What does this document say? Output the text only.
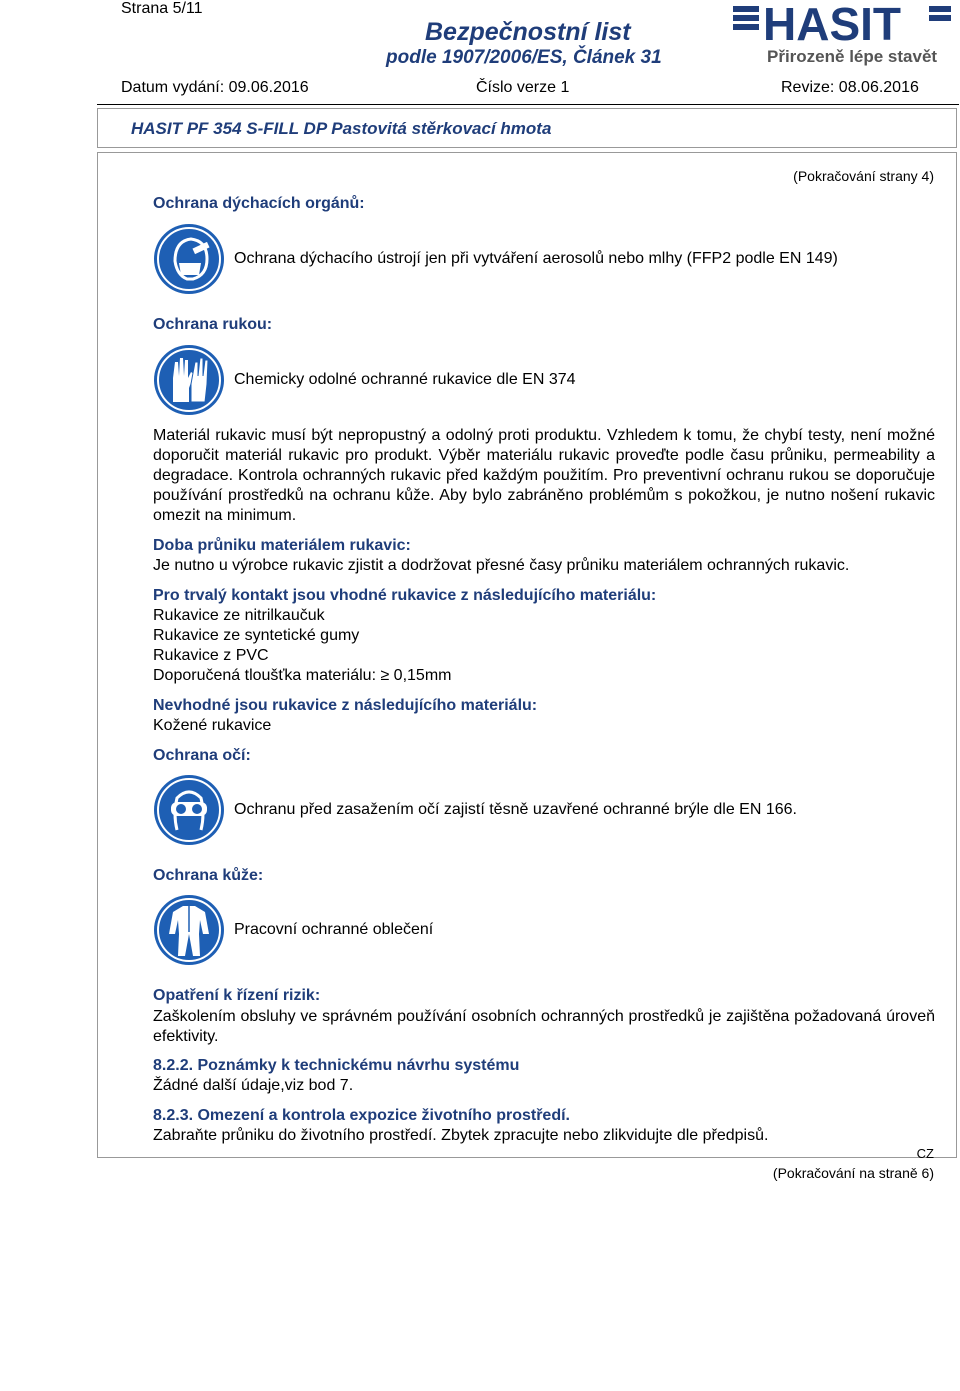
Strana 5/11
Bezpečnostní list
podle 1907/2006/ES, Článek 31
HASIT
Přirozeně lépe stavět
Datum vydání: 09.06.2016	Číslo verze 1	Revize: 08.06.2016
HASIT PF 354 S-FILL DP Pastovitá stěrkovací hmota
(Pokračování strany 4)
Ochrana dýchacích orgánů:
Ochrana dýchacího ústrojí jen při vytváření aerosolů nebo mlhy (FFP2 podle EN 149)
Ochrana rukou:
Chemicky odolné ochranné rukavice dle EN 374
Materiál rukavic musí být nepropustný a odolný proti produktu. Vzhledem k tomu, že chybí testy, není možné doporučit materiál rukavic pro produkt. Výběr materiálu rukavic proveďte podle času průniku, permeability a degradace. Kontrola ochranných rukavic před každým použitím. Pro preventivní ochranu rukou se doporučuje používání prostředků na ochranu kůže. Aby bylo zabráněno problémům s pokožkou, je nutno nošení rukavic omezit na minimum.
Doba průniku materiálem rukavic:
Je nutno u výrobce rukavic zjistit a dodržovat přesné časy průniku materiálem ochranných rukavic.
Pro trvalý kontakt jsou vhodné rukavice z následujícího materiálu:
Rukavice ze nitrilkaučuk
Rukavice ze syntetické gumy
Rukavice z PVC
Doporučená tloušťka materiálu: ≥ 0,15mm
Nevhodné jsou rukavice z následujícího materiálu:
Kožené rukavice
Ochrana očí:
Ochranu před zasažením očí zajistí těsně uzavřené ochranné brýle dle EN 166.
Ochrana kůže:
Pracovní ochranné oblečení
Opatření k řízení rizik:
Zaškolením obsluhy ve správném používání osobních ochranných prostředků je zajištěna požadovaná úroveň efektivity.
8.2.2. Poznámky k technickému návrhu systému
Žádné další údaje,viz bod 7.
8.2.3. Omezení a kontrola expozice životního prostředí.
Zabraňte průniku do životního prostředí. Zbytek zpracujte nebo zlikvidujte dle předpisů.
CZ
(Pokračování na straně 6)
